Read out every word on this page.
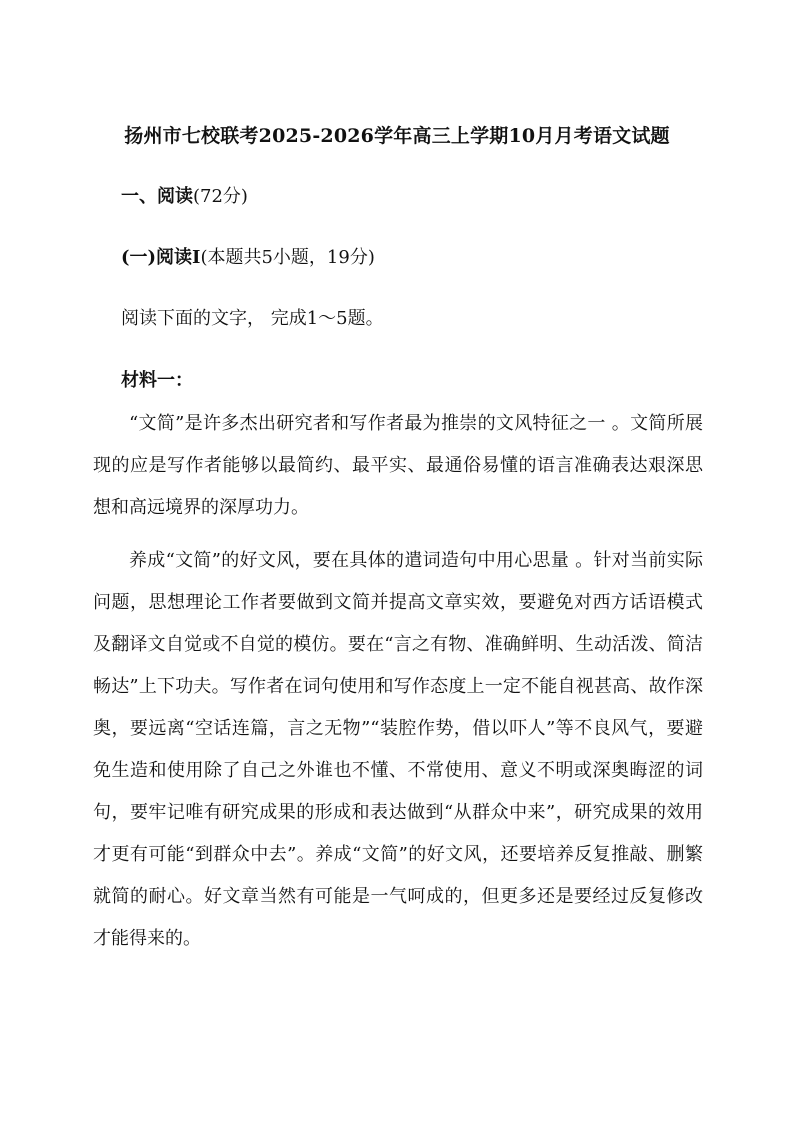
扬州市七校联考2025-2026学年高三上学期10月月考语文试题
一、阅读(72分)
(一)阅读Ⅰ(本题共5小题，19分)
阅读下面的文字， 完成1～5题。
材料一：

“文简”是许多杰出研究者和写作者最为推崇的文风特征之一 。文简所展现的应是写作者能够以最简约、最平实、最通俗易懂的语言准确表达艰深思想和高远境界的深厚功力。

养成“文简”的好文风，要在具体的遣词造句中用心思量 。针对当前实际问题，思想理论工作者要做到文简并提高文章实效，要避免对西方话语模式及翻译文自觉或不自觉的模仿。要在“言之有物、准确鲜明、生动活泼、简洁畅达”上下功夫。写作者在词句使用和写作态度上一定不能自视甚高、故作深奥，要远离“空话连篇，言之无物”“装腔作势，借以吓人”等不良风气，要避免生造和使用除了自己之外谁也不懂、不常使用、意义不明或深奥晦涩的词句，要牢记唯有研究成果的形成和表达做到“从群众中来”，研究成果的效用才更有可能“到群众中去”。养成“文简”的好文风，还要培养反复推敲、删繁就简的耐心。好文章当然有可能是一气呵成的，但更多还是要经过反复修改才能得来的。
